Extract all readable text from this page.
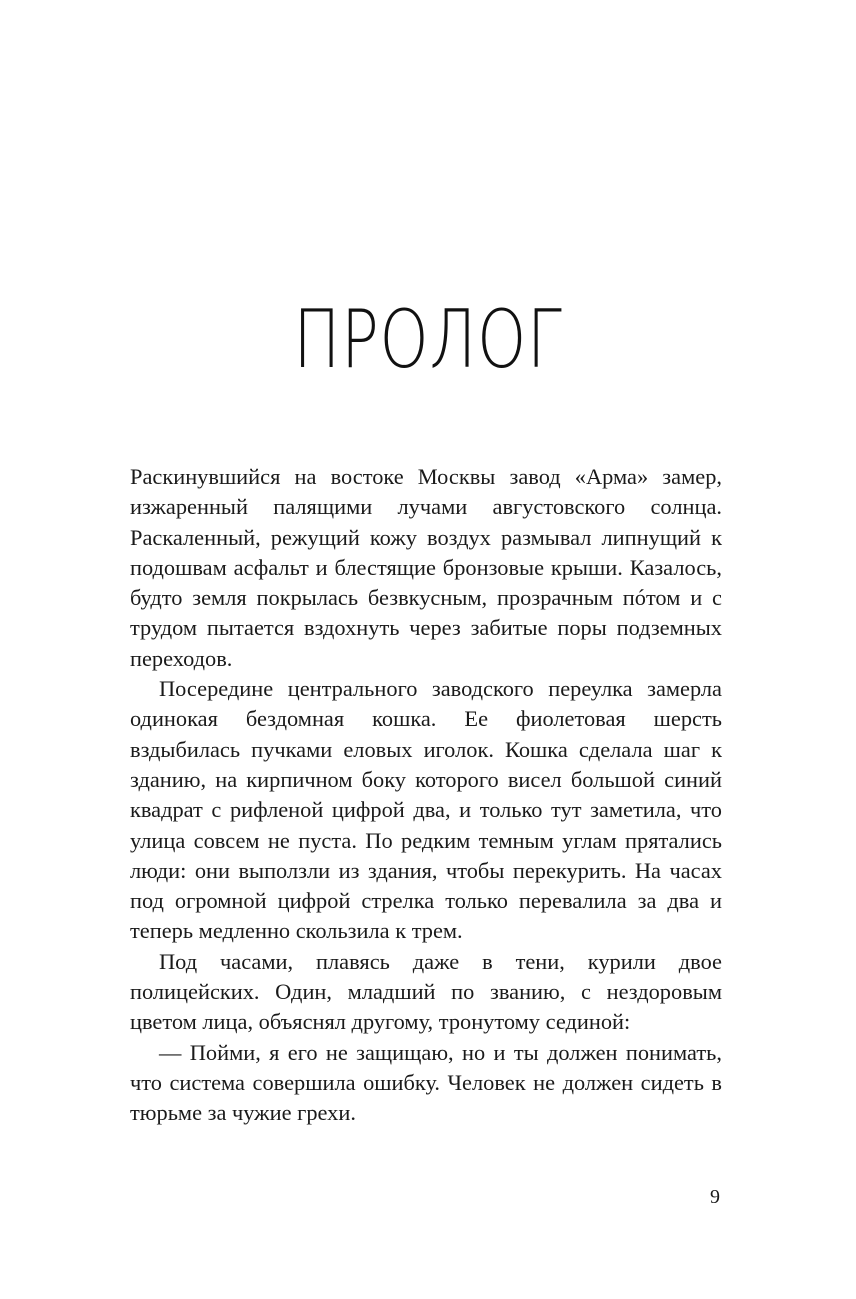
ПРОЛОГ

Раскинувшийся на востоке Москвы завод «Арма» замер, изжаренный палящими лучами августовского солнца. Раскаленный, режущий кожу воздух размывал липнущий к подошвам асфальт и блестящие бронзовые крыши. Казалось, будто земля покрылась безвкусным, прозрачным пóтом и с трудом пытается вздохнуть через забитые поры подземных переходов.

Посередине центрального заводского переулка замерла одинокая бездомная кошка. Ее фиолетовая шерсть вздыбилась пучками еловых иголок. Кошка сделала шаг к зданию, на кирпичном боку которого висел большой синий квадрат с рифленой цифрой два, и только тут заметила, что улица совсем не пуста. По редким темным углам прятались люди: они выползли из здания, чтобы перекурить. На часах под огромной цифрой стрелка только перевалила за два и теперь медленно скользила к трем.

Под часами, плавясь даже в тени, курили двое полицейских. Один, младший по званию, с нездоровым цветом лица, объяснял другому, тронутому сединой:

— Пойми, я его не защищаю, но и ты должен понимать, что система совершила ошибку. Человек не должен сидеть в тюрьме за чужие грехи.

9
